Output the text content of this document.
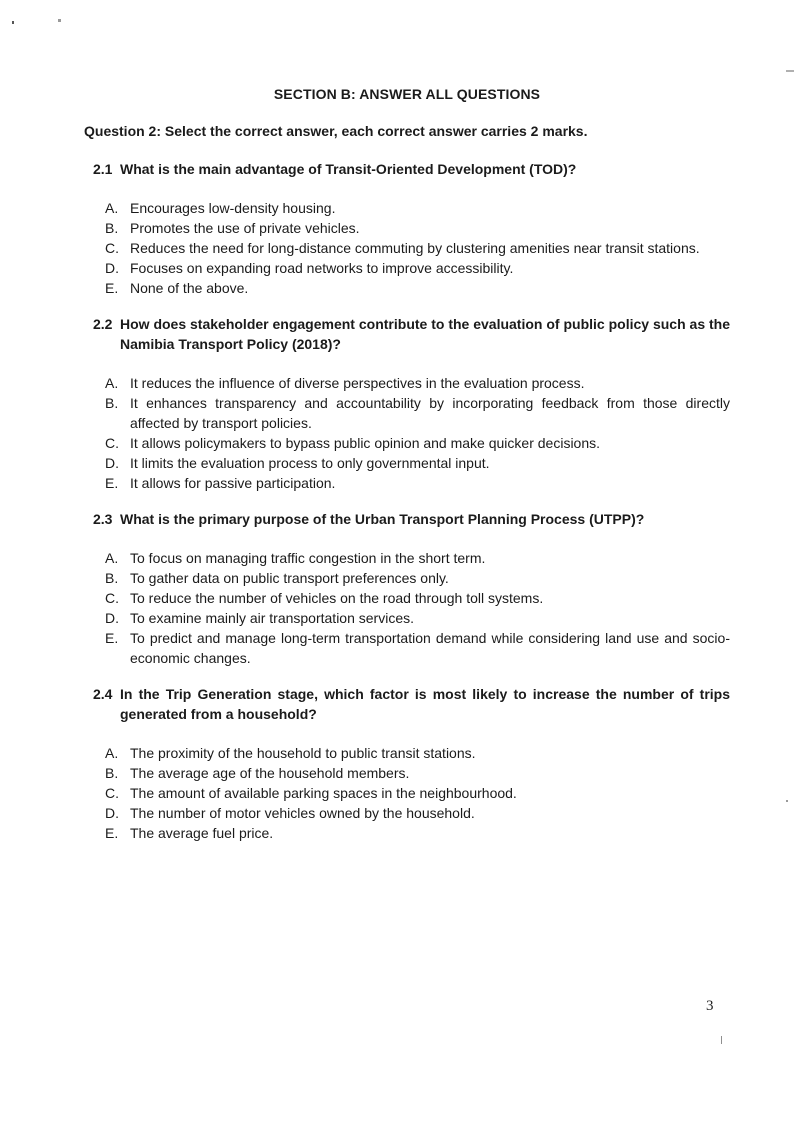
SECTION B: ANSWER ALL QUESTIONS
Question 2: Select the correct answer, each correct answer carries 2 marks.
2.1 What is the main advantage of Transit-Oriented Development (TOD)?
A. Encourages low-density housing.
B. Promotes the use of private vehicles.
C. Reduces the need for long-distance commuting by clustering amenities near transit stations.
D. Focuses on expanding road networks to improve accessibility.
E. None of the above.
2.2 How does stakeholder engagement contribute to the evaluation of public policy such as the Namibia Transport Policy (2018)?
A. It reduces the influence of diverse perspectives in the evaluation process.
B. It enhances transparency and accountability by incorporating feedback from those directly affected by transport policies.
C. It allows policymakers to bypass public opinion and make quicker decisions.
D. It limits the evaluation process to only governmental input.
E. It allows for passive participation.
2.3 What is the primary purpose of the Urban Transport Planning Process (UTPP)?
A. To focus on managing traffic congestion in the short term.
B. To gather data on public transport preferences only.
C. To reduce the number of vehicles on the road through toll systems.
D. To examine mainly air transportation services.
E. To predict and manage long-term transportation demand while considering land use and socio-economic changes.
2.4 In the Trip Generation stage, which factor is most likely to increase the number of trips generated from a household?
A. The proximity of the household to public transit stations.
B. The average age of the household members.
C. The amount of available parking spaces in the neighbourhood.
D. The number of motor vehicles owned by the household.
E. The average fuel price.
3
